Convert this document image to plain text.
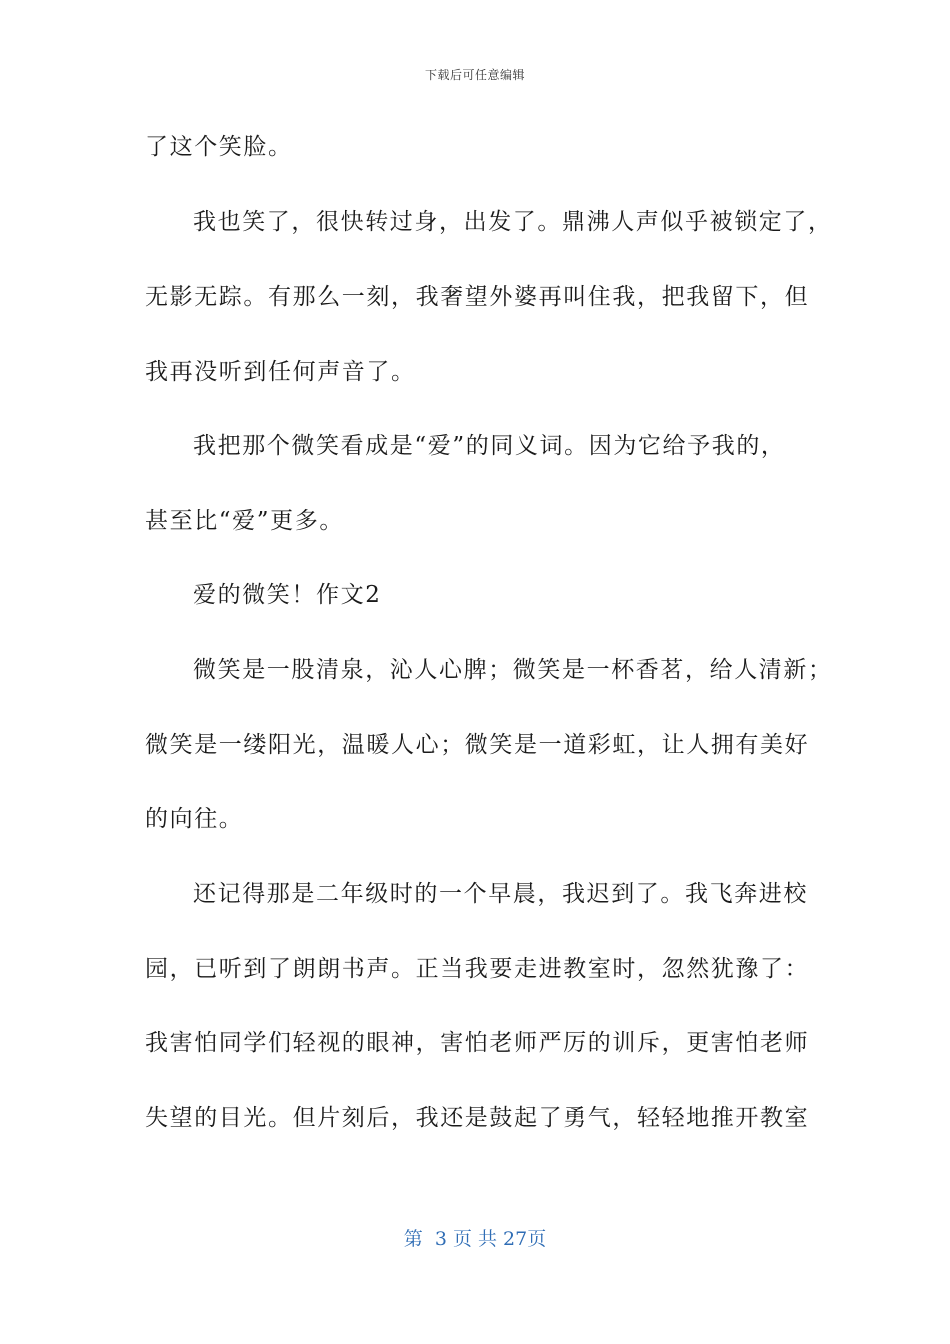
下载后可任意编辑
了这个笑脸。
我也笑了，很快转过身，出发了。鼎沸人声似乎被锁定了，
无影无踪。有那么一刻，我奢望外婆再叫住我，把我留下，但
我再没听到任何声音了。
我把那个微笑看成是“爱”的同义词。因为它给予我的，
甚至比“爱”更多。
爱的微笑！作文2
微笑是一股清泉，沁人心脾；微笑是一杯香茗，给人清新；
微笑是一缕阳光，温暖人心；微笑是一道彩虹，让人拥有美好
的向往。
还记得那是二年级时的一个早晨，我迟到了。我飞奔进校
园，已听到了朗朗书声。正当我要走进教室时，忽然犹豫了：
我害怕同学们轻视的眼神，害怕老师严厉的训斥，更害怕老师
失望的目光。但片刻后，我还是鼓起了勇气，轻轻地推开教室
第  3 页 共 27页
